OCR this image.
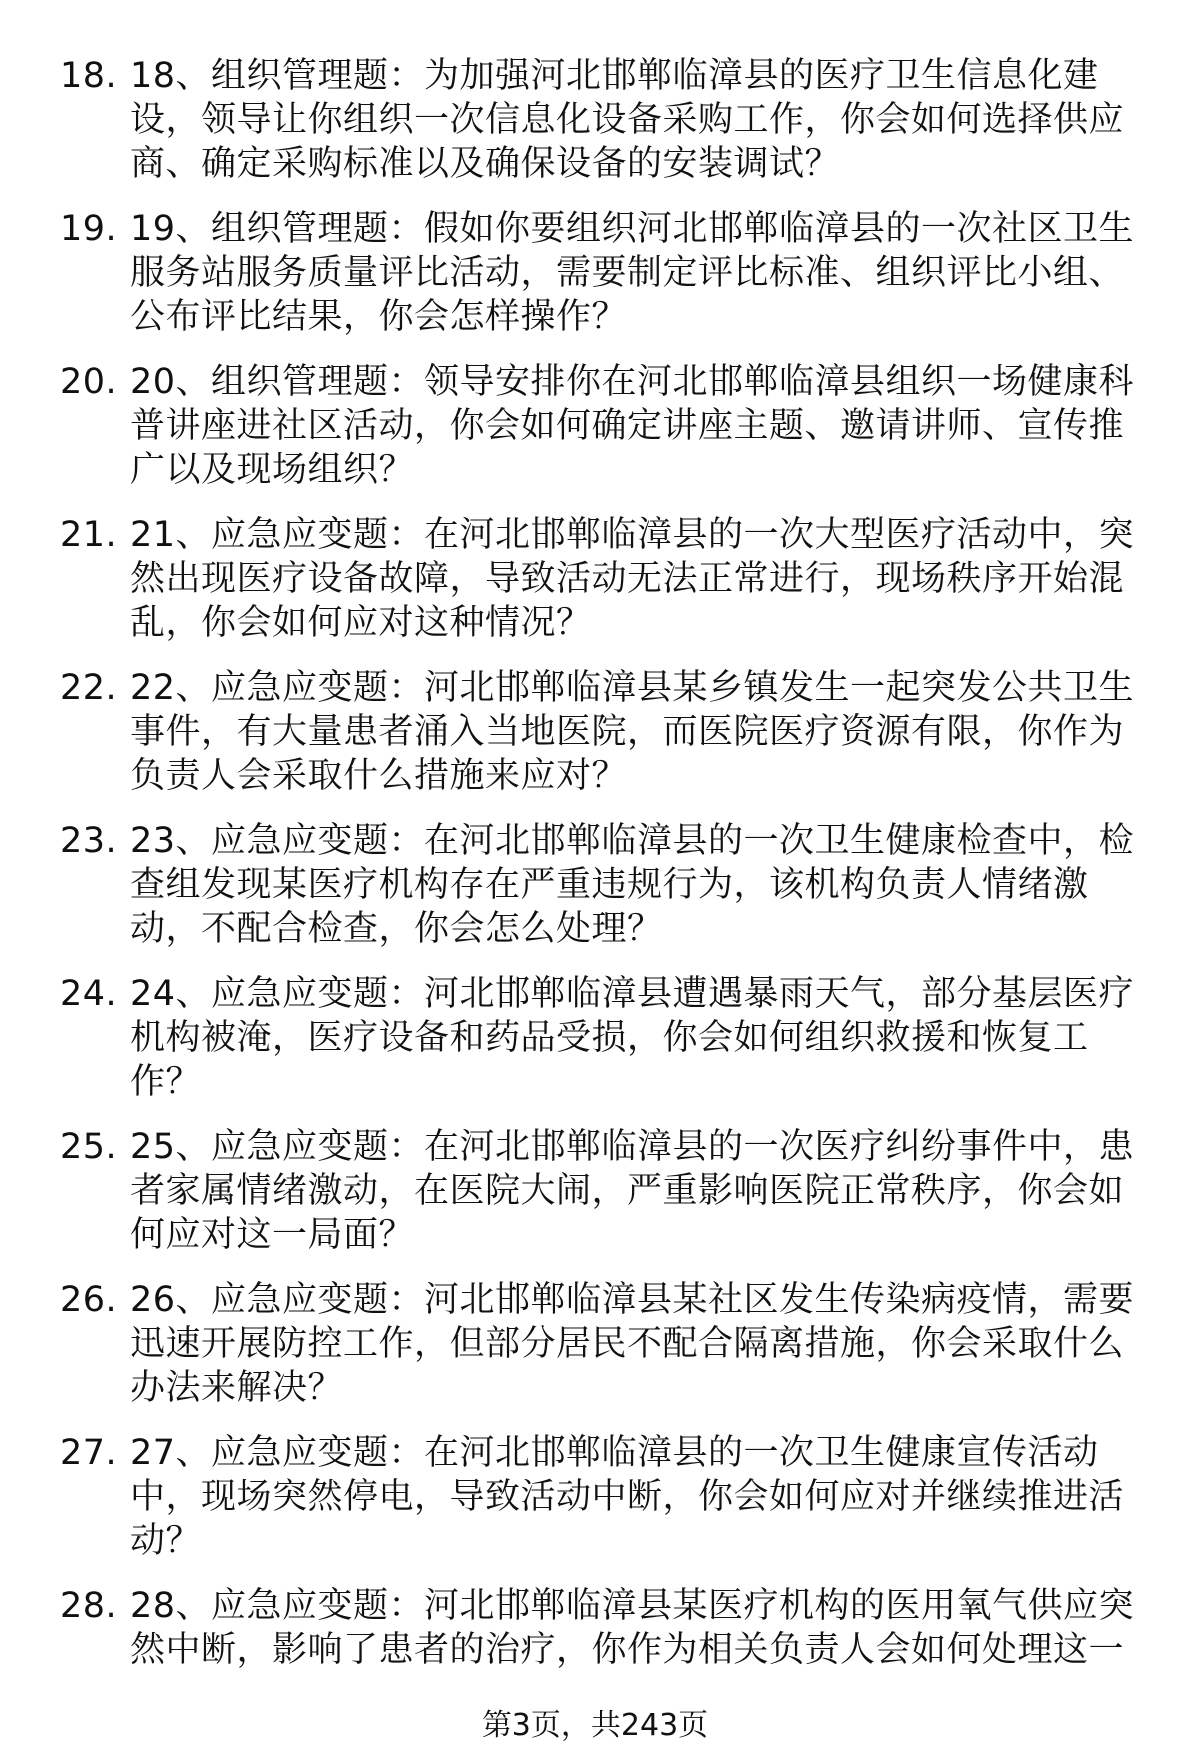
18. 18、组织管理题：为加强河北邯郸临漳县的医疗卫生信息化建设，领导让你组织一次信息化设备采购工作，你会如何选择供应商、确定采购标准以及确保设备的安装调试？
19. 19、组织管理题：假如你要组织河北邯郸临漳县的一次社区卫生服务站服务质量评比活动，需要制定评比标准、组织评比小组、公布评比结果，你会怎样操作？
20. 20、组织管理题：领导安排你在河北邯郸临漳县组织一场健康科普讲座进社区活动，你会如何确定讲座主题、邀请讲师、宣传推广以及现场组织？
21. 21、应急应变题：在河北邯郸临漳县的一次大型医疗活动中，突然出现医疗设备故障，导致活动无法正常进行，现场秩序开始混乱，你会如何应对这种情况？
22. 22、应急应变题：河北邯郸临漳县某乡镇发生一起突发公共卫生事件，有大量患者涌入当地医院，而医院医疗资源有限，你作为负责人会采取什么措施来应对？
23. 23、应急应变题：在河北邯郸临漳县的一次卫生健康检查中，检查组发现某医疗机构存在严重违规行为，该机构负责人情绪激动，不配合检查，你会怎么处理？
24. 24、应急应变题：河北邯郸临漳县遭遇暴雨天气，部分基层医疗机构被淹，医疗设备和药品受损，你会如何组织救援和恢复工作？
25. 25、应急应变题：在河北邯郸临漳县的一次医疗纠纷事件中，患者家属情绪激动，在医院大闹，严重影响医院正常秩序，你会如何应对这一局面？
26. 26、应急应变题：河北邯郸临漳县某社区发生传染病疫情，需要迅速开展防控工作，但部分居民不配合隔离措施，你会采取什么办法来解决？
27. 27、应急应变题：在河北邯郸临漳县的一次卫生健康宣传活动中，现场突然停电，导致活动中断，你会如何应对并继续推进活动？
28. 28、应急应变题：河北邯郸临漳县某医疗机构的医用氧气供应突然中断，影响了患者的治疗，你作为相关负责人会如何处理这一
第3页，共243页
